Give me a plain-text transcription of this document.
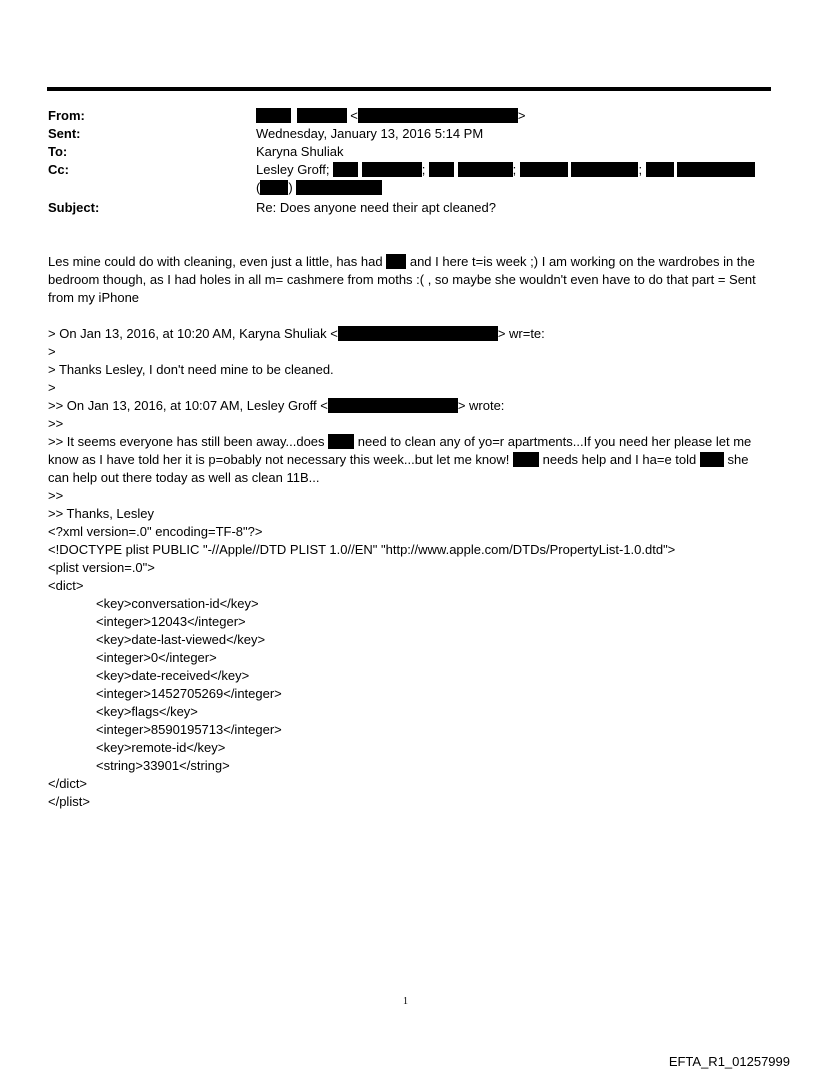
From:	<	>
Sent:	Wednesday, January 13, 2016 5:14 PM
To:	Karyna Shuliak
Cc:	Lesley Groff;	;	;	;
( )
Subject:	Re: Does anyone need their apt cleaned?
Les mine could do with cleaning, even just a little, has had and I here t=is week ;) I am working on the wardrobes in the bedroom though, as I had holes in all m= cashmere from moths :( , so maybe she wouldn't even have to do that part = Sent from my iPhone

> On Jan 13, 2016, at 10:20 AM, Karyna Shuliak <	> wr=te:
>
> Thanks Lesley, I don't need mine to be cleaned.
>
>> On Jan 13, 2016, at 10:07 AM, Lesley Groff <	> wrote:
>>
>> It seems everyone has still been away...does	need to clean any of yo=r apartments...If you need her please let me know as I have told her it is p=obably not necessary this week...but let me know!	needs help and I ha=e told she can help out there today as well as clean 11B...
>>
>> Thanks, Lesley
<?xml version=.0" encoding=TF-8"?>
<!DOCTYPE plist PUBLIC "-//Apple//DTD PLIST 1.0//EN" "http://www.apple.com/DTDs/PropertyList-1.0.dtd">
<plist version=.0">
<dict>
<key>conversation-id</key>
<integer>12043</integer>
<key>date-last-viewed</key>
<integer>0</integer>
<key>date-received</key>
<integer>1452705269</integer>
<key>flags</key>
<integer>8590195713</integer>
<key>remote-id</key>
<string>33901</string>
</dict>
</plist>
1
EFTA_R1_01257999
